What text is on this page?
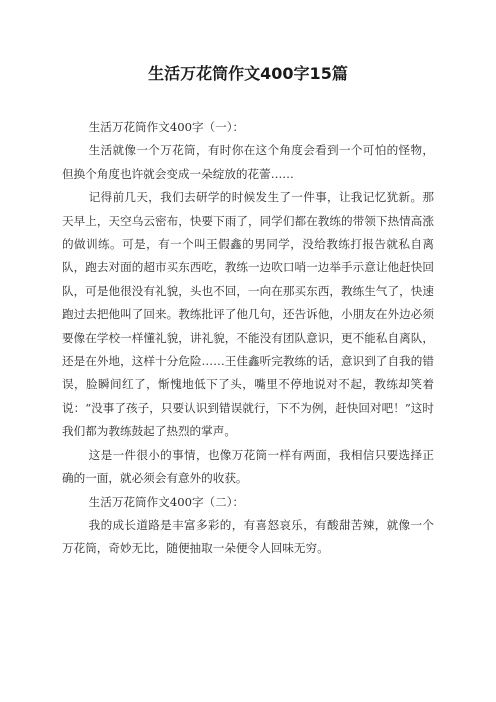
生活万花筒作文400字15篇

生活万花筒作文400字（一）：

生活就像一个万花筒，有时你在这个角度会看到一个可怕的怪物，但换个角度也许就会变成一朵绽放的花蕾……

记得前几天，我们去研学的时候发生了一件事，让我记忆犹新。那天早上，天空乌云密布，快要下雨了，同学们都在教练的带领下热情高涨的做训练。可是，有一个叫王假鑫的男同学，没给教练打报告就私自离队，跑去对面的超市买东西吃，教练一边吹口哨一边举手示意让他赶快回队，可是他很没有礼貌，头也不回，一向在那买东西，教练生气了，快速跑过去把他叫了回来。教练批评了他几句，还告诉他，小朋友在外边必须要像在学校一样懂礼貌，讲礼貌，不能没有团队意识，更不能私自离队，还是在外地，这样十分危险……王佳鑫听完教练的话，意识到了自我的错误，脸瞬间红了，惭愧地低下了头，嘴里不停地说对不起，教练却笑着说：“没事了孩子，只要认识到错误就行，下不为例，赶快回对吧！”这时我们都为教练鼓起了热烈的掌声。

这是一件很小的事情，也像万花筒一样有两面，我相信只要选择正确的一面，就必须会有意外的收获。

生活万花筒作文400字（二）：

我的成长道路是丰富多彩的，有喜怒哀乐，有酸甜苦辣，就像一个万花筒，奇妙无比，随便抽取一朵便令人回味无穷。
